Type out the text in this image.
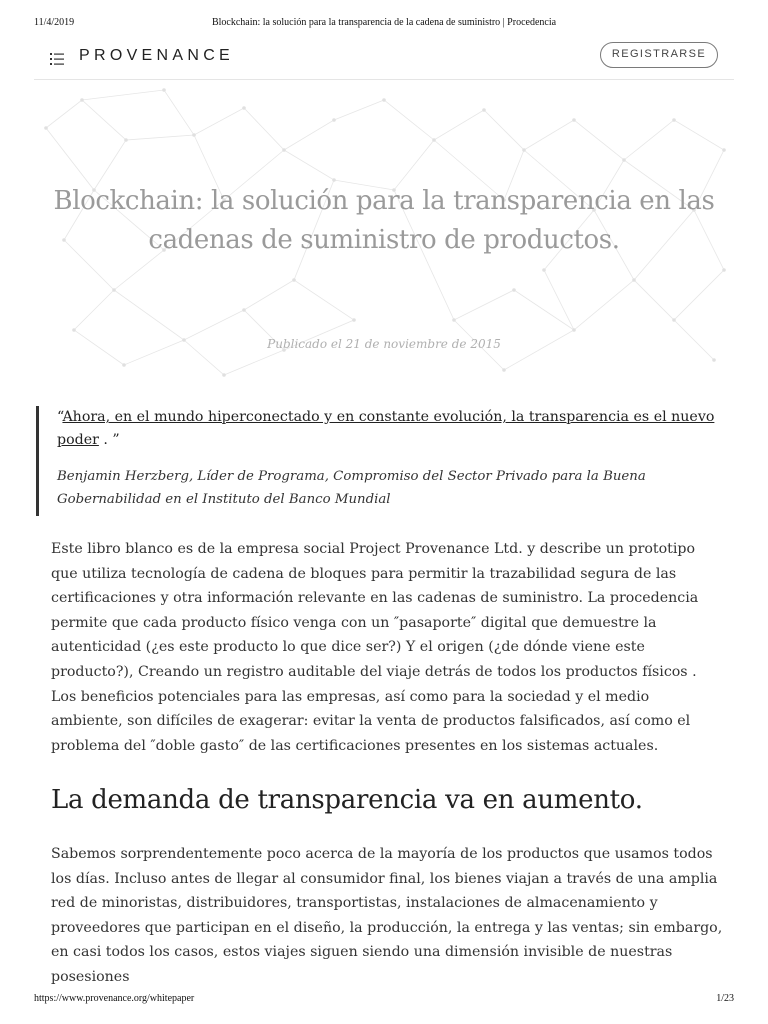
11/4/2019	Blockchain: la solución para la transparencia de la cadena de suministro | Procedencia
PROVENANCE	REGISTRARSE
Blockchain: la solución para la transparencia en las cadenas de suministro de productos.
Publicado el 21 de noviembre de 2015

“Ahora, en el mundo hiperconectado y en constante evolución, la transparencia es el nuevo poder . ”

Benjamin Herzberg, Líder de Programa, Compromiso del Sector Privado para la Buena Gobernabilidad en el Instituto del Banco Mundial

Este libro blanco es de la empresa social Project Provenance Ltd. y describe un prototipo que utiliza tecnología de cadena de bloques para permitir la trazabilidad segura de las certificaciones y otra información relevante en las cadenas de suministro. La procedencia permite que cada producto físico venga con un ″pasaporte″ digital que demuestre la autenticidad (¿es este producto lo que dice ser?) Y el origen (¿de dónde viene este producto?), Creando un registro auditable del viaje detrás de todos los productos físicos . Los beneficios potenciales para las empresas, así como para la sociedad y el medio ambiente, son difíciles de exagerar: evitar la venta de productos falsificados, así como el problema del ″doble gasto″ de las certificaciones presentes en los sistemas actuales.

La demanda de transparencia va en aumento.

Sabemos sorprendentemente poco acerca de la mayoría de los productos que usamos todos los días. Incluso antes de llegar al consumidor final, los bienes viajan a través de una amplia red de minoristas, distribuidores, transportistas, instalaciones de almacenamiento y proveedores que participan en el diseño, la producción, la entrega y las ventas; sin embargo, en casi todos los casos, estos viajes siguen siendo una dimensión invisible de nuestras posesiones

https://www.provenance.org/whitepaper	1/23
